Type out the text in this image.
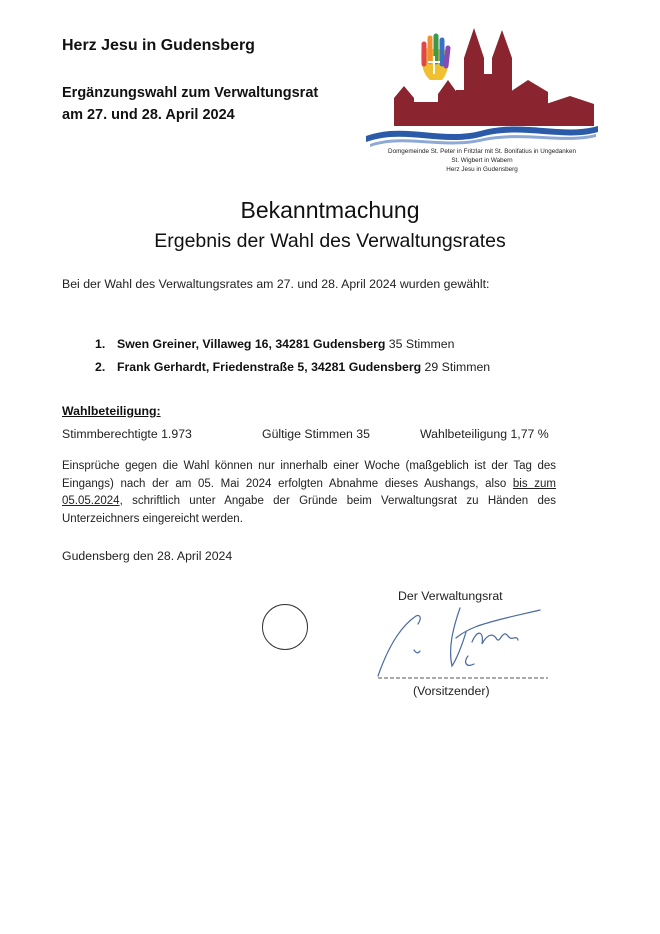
Herz Jesu in Gudensberg
Ergänzungswahl zum Verwaltungsrat
am 27. und 28. April 2024
Domgemeinde St. Peter in Fritzlar mit St. Bonifatius in Ungedanken
St. Wigbert in Wabern
Herz Jesu in Gudensberg
Bekanntmachung
Ergebnis der Wahl des Verwaltungsrates
Bei der Wahl des Verwaltungsrates am 27. und 28. April 2024 wurden gewählt:
1. Swen Greiner, Villaweg 16, 34281 Gudensberg 35 Stimmen
2. Frank Gerhardt, Friedenstraße 5, 34281 Gudensberg 29 Stimmen
Wahlbeteiligung:
Stimmberechtigte 1.973	Gültige Stimmen 35	Wahlbeteiligung 1,77 %
Einsprüche gegen die Wahl können nur innerhalb einer Woche (maßgeblich ist der Tag des Eingangs) nach der am 05. Mai 2024 erfolgten Abnahme dieses Aushangs, also bis zum 05.05.2024, schriftlich unter Angabe der Gründe beim Verwaltungsrat zu Händen des Unterzeichners eingereicht werden.
Gudensberg den 28. April 2024
Der Verwaltungsrat
(Vorsitzender)
